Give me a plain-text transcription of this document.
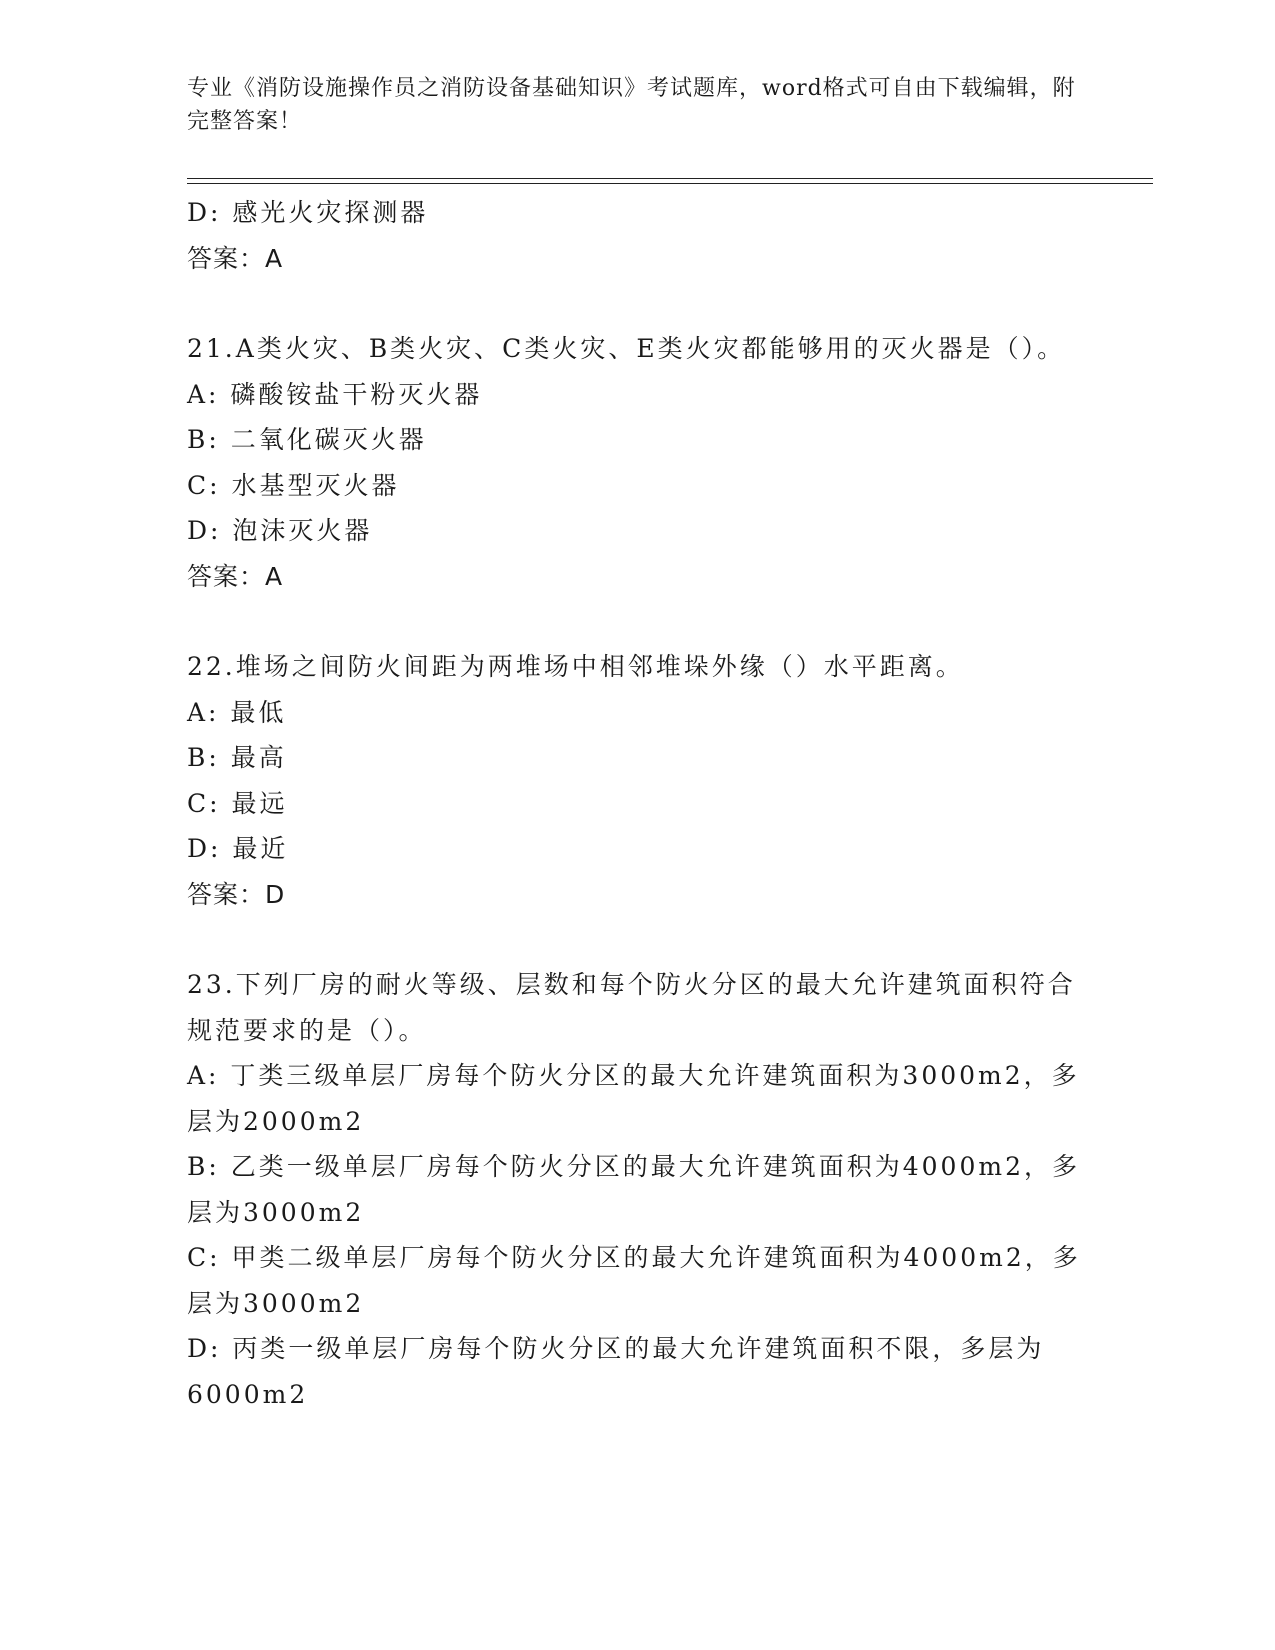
专业《消防设施操作员之消防设备基础知识》考试题库，word格式可自由下载编辑，附完整答案！
D: 感光火灾探测器
答案：A
21.A类火灾、B类火灾、C类火灾、E类火灾都能够用的灭火器是（）。
A: 磷酸铵盐干粉灭火器
B: 二氧化碳灭火器
C: 水基型灭火器
D: 泡沫灭火器
答案：A
22.堆场之间防火间距为两堆场中相邻堆垛外缘（）水平距离。
A: 最低
B: 最高
C: 最远
D: 最近
答案：D
23.下列厂房的耐火等级、层数和每个防火分区的最大允许建筑面积符合规范要求的是（）。
A: 丁类三级单层厂房每个防火分区的最大允许建筑面积为3000m2，多层为2000m2
B: 乙类一级单层厂房每个防火分区的最大允许建筑面积为4000m2，多层为3000m2
C: 甲类二级单层厂房每个防火分区的最大允许建筑面积为4000m2，多层为3000m2
D: 丙类一级单层厂房每个防火分区的最大允许建筑面积不限，多层为6000m2
